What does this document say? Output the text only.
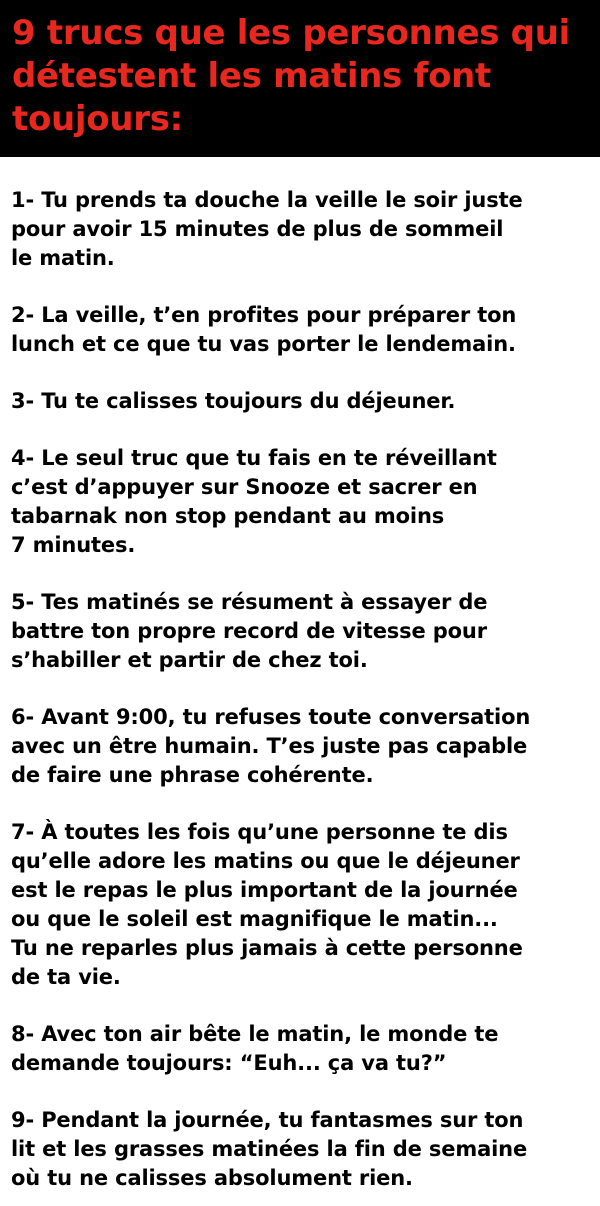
9 trucs que les personnes qui détestent les matins font toujours:

1- Tu prends ta douche la veille le soir juste
pour avoir 15 minutes de plus de sommeil
le matin.

2- La veille, t’en profites pour préparer ton
lunch et ce que tu vas porter le lendemain.

3- Tu te calisses toujours du déjeuner.

4- Le seul truc que tu fais en te réveillant
c’est d’appuyer sur Snooze et sacrer en
tabarnak non stop pendant au moins
7 minutes.

5- Tes matinés se résument à essayer de
battre ton propre record de vitesse pour
s’habiller et partir de chez toi.

6- Avant 9:00, tu refuses toute conversation
avec un être humain. T’es juste pas capable
de faire une phrase cohérente.

7- À toutes les fois qu’une personne te dis
qu’elle adore les matins ou que le déjeuner
est le repas le plus important de la journée
ou que le soleil est magnifique le matin...
Tu ne reparles plus jamais à cette personne
de ta vie.

8- Avec ton air bête le matin, le monde te
demande toujours: “Euh... ça va tu?”

9- Pendant la journée, tu fantasmes sur ton
lit et les grasses matinées la fin de semaine
où tu ne calisses absolument rien.
